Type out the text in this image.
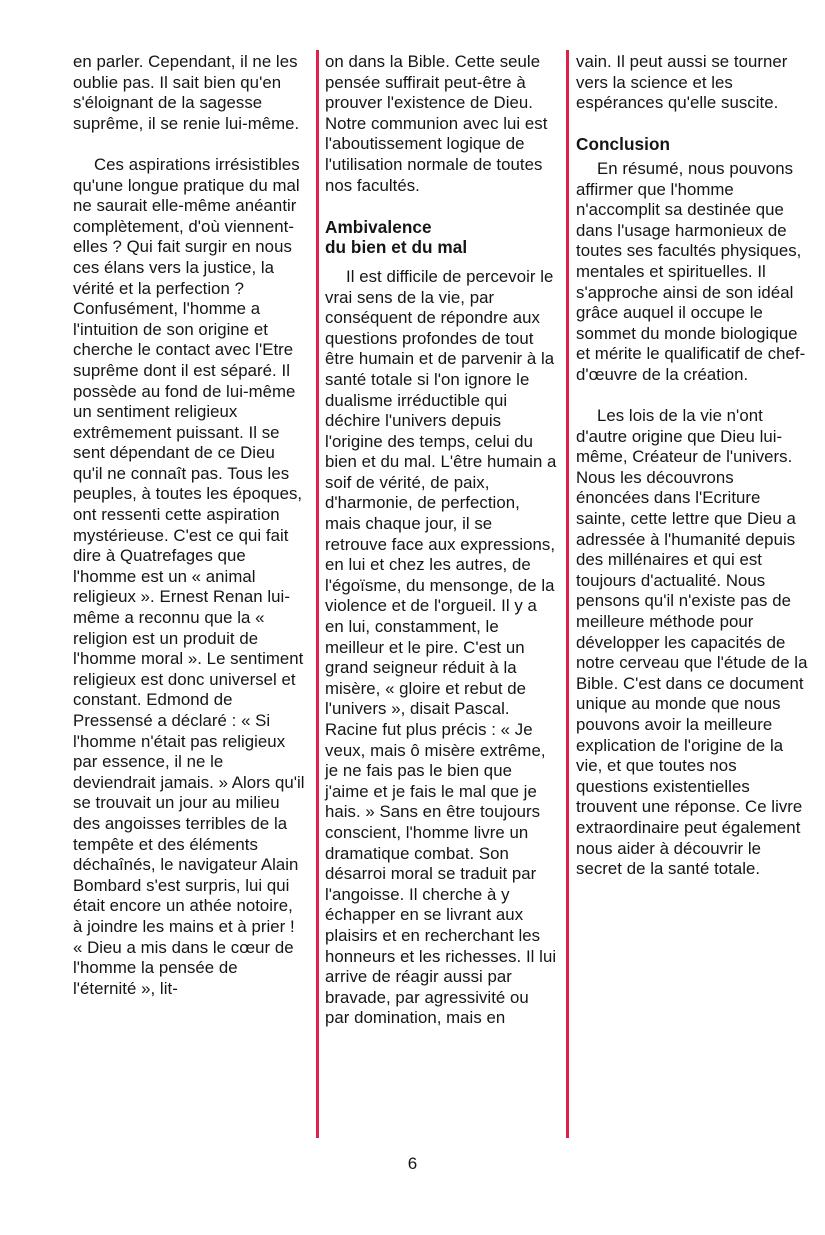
en parler. Cependant, il ne les oublie pas. Il sait bien qu'en s'éloignant de la sagesse suprême, il se renie lui-même.

Ces aspirations irrésistibles qu'une longue pratique du mal ne saurait elle-même anéantir complètement, d'où viennent-elles ? Qui fait surgir en nous ces élans vers la justice, la vérité et la perfection ? Confusément, l'homme a l'intuition de son origine et cherche le contact avec l'Etre suprême dont il est séparé. Il possède au fond de lui-même un sentiment religieux extrêmement puissant. Il se sent dépendant de ce Dieu qu'il ne connaît pas. Tous les peuples, à toutes les époques, ont ressenti cette aspiration mystérieuse. C'est ce qui fait dire à Quatrefages que l'homme est un « animal religieux ». Ernest Renan lui-même a reconnu que la « religion est un produit de l'homme moral ». Le sentiment religieux est donc universel et constant. Edmond de Pressensé a déclaré : « Si l'homme n'était pas religieux par essence, il ne le deviendrait jamais. » Alors qu'il se trouvait un jour au milieu des angoisses terribles de la tempête et des éléments déchaînés, le navigateur Alain Bombard s'est surpris, lui qui était encore un athée notoire, à joindre les mains et à prier ! « Dieu a mis dans le cœur de l'homme la pensée de l'éternité », lit-

on dans la Bible. Cette seule pensée suffirait peut-être à prouver l'existence de Dieu. Notre communion avec lui est l'aboutissement logique de l'utilisation normale de toutes nos facultés.

Ambivalence
du bien et du mal

Il est difficile de percevoir le vrai sens de la vie, par conséquent de répondre aux questions profondes de tout être humain et de parvenir à la santé totale si l'on ignore le dualisme irréductible qui déchire l'univers depuis l'origine des temps, celui du bien et du mal. L'être humain a soif de vérité, de paix, d'harmonie, de perfection, mais chaque jour, il se retrouve face aux expressions, en lui et chez les autres, de l'égoïsme, du mensonge, de la violence et de l'orgueil. Il y a en lui, constamment, le meilleur et le pire. C'est un grand seigneur réduit à la misère, « gloire et rebut de l'univers », disait Pascal. Racine fut plus précis : « Je veux, mais ô misère extrême, je ne fais pas le bien que j'aime et je fais le mal que je hais. » Sans en être toujours conscient, l'homme livre un dramatique combat. Son désarroi moral se traduit par l'angoisse. Il cherche à y échapper en se livrant aux plaisirs et en recherchant les honneurs et les richesses. Il lui arrive de réagir aussi par bravade, par agressivité ou par domination, mais en

vain. Il peut aussi se tourner vers la science et les espérances qu'elle suscite.

Conclusion

En résumé, nous pouvons affirmer que l'homme n'accomplit sa destinée que dans l'usage harmonieux de toutes ses facultés physiques, mentales et spirituelles. Il s'approche ainsi de son idéal grâce auquel il occupe le sommet du monde biologique et mérite le qualificatif de chef-d'œuvre de la création.

Les lois de la vie n'ont d'autre origine que Dieu lui-même, Créateur de l'univers. Nous les découvrons énoncées dans l'Ecriture sainte, cette lettre que Dieu a adressée à l'humanité depuis des millénaires et qui est toujours d'actualité. Nous pensons qu'il n'existe pas de meilleure méthode pour développer les capacités de notre cerveau que l'étude de la Bible. C'est dans ce document unique au monde que nous pouvons avoir la meilleure explication de l'origine de la vie, et que toutes nos questions existentielles trouvent une réponse. Ce livre extraordinaire peut également nous aider à découvrir le secret de la santé totale.

6
